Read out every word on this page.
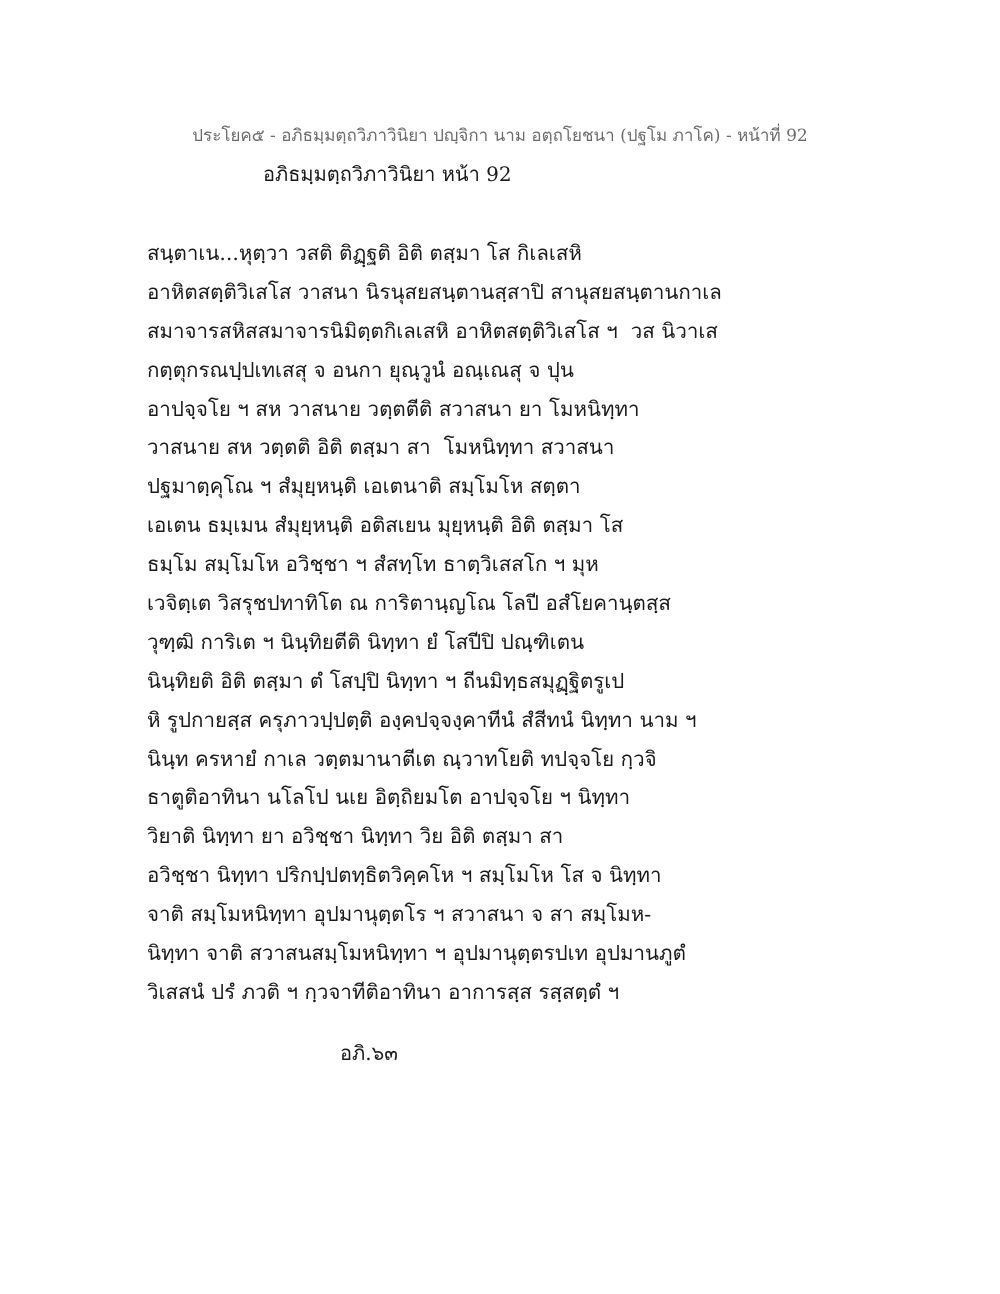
ประโยค๕ - อภิธมฺมตฺถวิภาวินิยา ปญฺจิกา นาม อตฺถโยชนา (ปฐโม ภาโค) - หน้าที่ 92
อภิธมฺมตฺถวิภาวินิยา หน้า 92
สนฺตาเน...หุตฺวา วสติ ติฏฺฐติ อิติ ตสฺมา โส กิเลเสหิ
อาหิตสตฺติวิเสโส วาสนา นิรนุสยสนฺตานสฺสาปิ สานุสยสนฺตานกาเล
สมาจารสหิสสมาจารนิมิตฺตกิเลเสหิ อาหิตสตฺติวิเสโส ฯ  วส นิวาเส
กตฺตุกรณปฺปเทเสสุ จ อนกา ยุณฺวูนํ อณฺเณสุ จ ปุน
อาปจฺจโย ฯ สห วาสนาย วตฺตตีติ สวาสนา ยา โมหนิทฺทา
วาสนาย สห วตฺตติ อิติ ตสฺมา สา  โมหนิทฺทา สวาสนา
ปฐมาตฺคุโณ ฯ สํมุยฺหนฺติ เอเตนาติ สมฺโมโห สตฺตา
เอเตน ธมฺเมน สํมุยฺหนฺติ อติสเยน มุยฺหนฺติ อิติ ตสฺมา โส
ธมฺโม สมฺโมโห อวิชฺชา ฯ สํสทฺโท ธาตฺวิเสสโก ฯ มุห
เวจิตฺเต วิสรุชปทาทิโต ณ การิตานฺญโณ โลปี อสํโยคานฺตสฺส
วุฑฺฒิ การิเต ฯ นินฺทิยตีติ นิทฺทา ยํ โสปีปิ ปณฺฑิเตน
นินฺทิยติ อิติ ตสฺมา ตํ โสปฺปิ นิทฺทา ฯ ถีนมิทฺธสมุฏฺฐิตรูเป
หิ รูปกายสฺส ครุภาวปฺปตฺติ องฺคปจฺจงฺคาทีนํ สํสีทนํ นิทฺทา นาม ฯ
นินฺท ครหายํ กาเล วตฺตมานาตีเต ณฺวาทโยติ ทปจฺจโย กฺวจิ
ธาตูติอาทินา นโลโป นเย อิตฺถิยมโต อาปจฺจโย ฯ นิทฺทา
วิยาติ นิทฺทา ยา อวิชฺชา นิทฺทา วิย อิติ ตสฺมา สา
อวิชฺชา นิทฺทา ปริกปฺปตทฺธิตวิคฺคโห ฯ สมฺโมโห โส จ นิทฺทา
จาติ สมฺโมหนิทฺทา อุปมานุตฺตโร ฯ สวาสนา จ สา สมฺโมห-
นิทฺทา จาติ สวาสนสมฺโมหนิทฺทา ฯ อุปมานุตฺตรปเท อุปมานภูตํ
วิเสสนํ ปรํ ภวติ ฯ กฺวจาทีติอาทินา อาการสฺส รสฺสตฺตํ ฯ
อภิ.๖๓
